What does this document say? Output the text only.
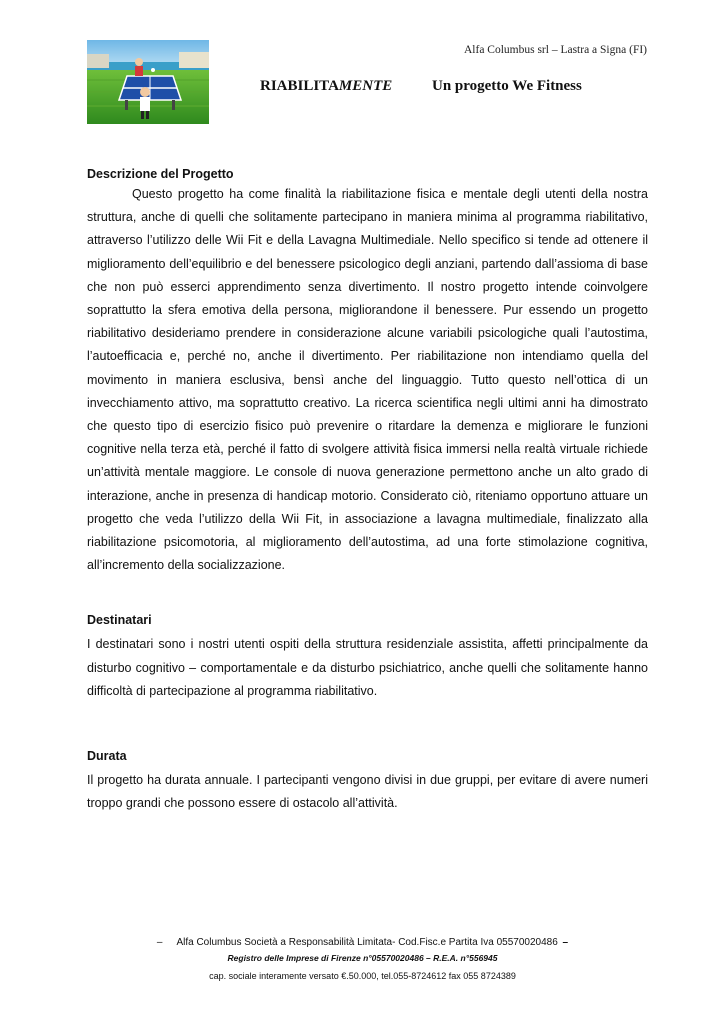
Alfa Columbus srl – Lastra a Signa (FI)
RIABILITAMENTE	Un progetto We Fitness
Descrizione del Progetto

Questo progetto ha come finalità la riabilitazione fisica e mentale degli utenti della nostra struttura, anche di quelli che solitamente partecipano in maniera minima al programma riabilitativo, attraverso l’utilizzo delle Wii Fit e della Lavagna Multimediale. Nello specifico si tende ad ottenere il miglioramento dell’equilibrio e del benessere psicologico degli anziani, partendo dall’assioma di base che non può esserci apprendimento senza divertimento. Il nostro progetto intende coinvolgere soprattutto la sfera emotiva della persona, migliorandone il benessere. Pur essendo un progetto riabilitativo desideriamo prendere in considerazione alcune variabili psicologiche quali l’autostima, l’autoefficacia e, perché no, anche il divertimento. Per riabilitazione non intendiamo quella del movimento in maniera esclusiva, bensì anche del linguaggio. Tutto questo nell’ottica di un invecchiamento attivo, ma soprattutto creativo. La ricerca scientifica negli ultimi anni ha dimostrato che questo tipo di esercizio fisico può prevenire o ritardare la demenza e migliorare le funzioni cognitive nella terza età, perché il fatto di svolgere attività fisica immersi nella realtà virtuale richiede un’attività mentale maggiore. Le console di nuova generazione permettono anche un alto grado di interazione, anche in presenza di handicap motorio. Considerato ciò, riteniamo opportuno attuare un progetto che veda l’utilizzo della Wii Fit, in associazione a lavagna multimediale, finalizzato alla riabilitazione psicomotoria, al miglioramento dell’autostima, ad una forte stimolazione cognitiva, all’incremento della socializzazione.

Destinatari

I destinatari sono i nostri utenti ospiti della struttura residenziale assistita, affetti principalmente da disturbo cognitivo – comportamentale e da disturbo psichiatrico, anche quelli che solitamente hanno difficoltà di partecipazione al programma riabilitativo.

Durata

Il progetto ha durata annuale. I partecipanti vengono divisi in due gruppi, per evitare di avere numeri troppo grandi che possono essere di ostacolo all’attività.

– Alfa Columbus Società a Responsabilità Limitata- Cod.Fisc.e Partita Iva 05570020486 –
Registro delle Imprese di Firenze n°05570020486 – R.E.A. n°556945
cap. sociale interamente versato €.50.000, tel.055-8724612 fax 055 8724389
